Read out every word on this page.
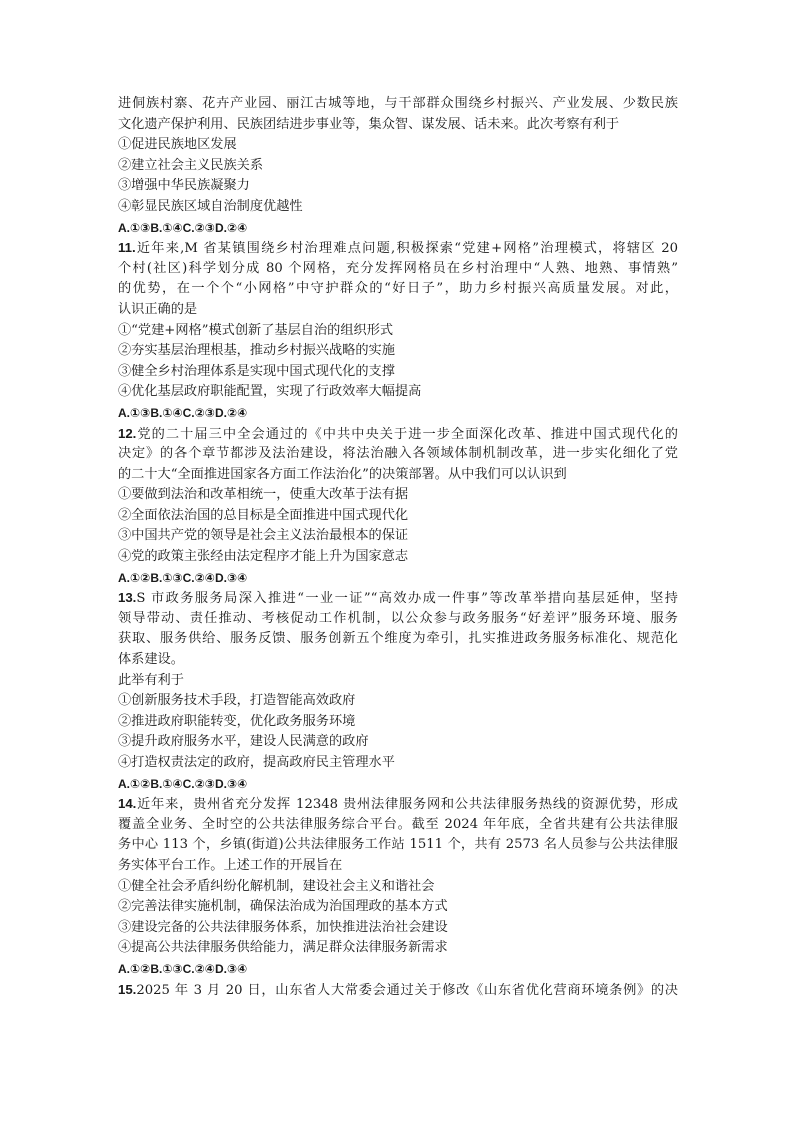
进侗族村寨、花卉产业园、丽江古城等地，与干部群众围绕乡村振兴、产业发展、少数民族
文化遗产保护利用、民族团结进步事业等，集众智、谋发展、话未来。此次考察有利于
①促进民族地区发展
②建立社会主义民族关系
③增强中华民族凝聚力
④彰显民族区域自治制度优越性
A.①③B.①④C.②③D.②④
11.近年来,M 省某镇围绕乡村治理难点问题,积极探索“党建+网格”治理模式，将辖区 20
个村(社区)科学划分成 80 个网格，充分发挥网格员在乡村治理中“人熟、地熟、事情熟”
的优势，在一个个“小网格”中守护群众的“好日子”，助力乡村振兴高质量发展。对此，
认识正确的是
①“党建+网格”模式创新了基层自治的组织形式
②夯实基层治理根基，推动乡村振兴战略的实施
③健全乡村治理体系是实现中国式现代化的支撑
④优化基层政府职能配置，实现了行政效率大幅提高
A.①③B.①④C.②③D.②④
12.党的二十届三中全会通过的《中共中央关于进一步全面深化改革、推进中国式现代化的
决定》的各个章节都涉及法治建设，将法治融入各领域体制机制改革，进一步实化细化了党
的二十大“全面推进国家各方面工作法治化”的决策部署。从中我们可以认识到
①要做到法治和改革相统一，使重大改革于法有据
②全面依法治国的总目标是全面推进中国式现代化
③中国共产党的领导是社会主义法治最根本的保证
④党的政策主张经由法定程序才能上升为国家意志
A.①②B.①③C.②④D.③④
13.S 市政务服务局深入推进“一业一证”“高效办成一件事”等改革举措向基层延伸，坚持
领导带动、责任推动、考核促动工作机制，以公众参与政务服务“好差评”服务环境、服务
获取、服务供给、服务反馈、服务创新五个维度为牵引，扎实推进政务服务标准化、规范化
体系建设。
此举有利于
①创新服务技术手段，打造智能高效政府
②推进政府职能转变，优化政务服务环境
③提升政府服务水平，建设人民满意的政府
④打造权责法定的政府，提高政府民主管理水平
A.①②B.①④C.②③D.③④
14.近年来，贵州省充分发挥 12348 贵州法律服务网和公共法律服务热线的资源优势，形成
覆盖全业务、全时空的公共法律服务综合平台。截至 2024 年年底，全省共建有公共法律服
务中心 113 个，乡镇(街道)公共法律服务工作站 1511 个，共有 2573 名人员参与公共法律服
务实体平台工作。上述工作的开展旨在
①健全社会矛盾纠纷化解机制，建设社会主义和谐社会
②完善法律实施机制，确保法治成为治国理政的基本方式
③建设完备的公共法律服务体系，加快推进法治社会建设
④提高公共法律服务供给能力，满足群众法律服务新需求
A.①②B.①③C.②④D.③④
15.2025 年 3 月 20 日，山东省人大常委会通过关于修改《山东省优化营商环境条例》的决
